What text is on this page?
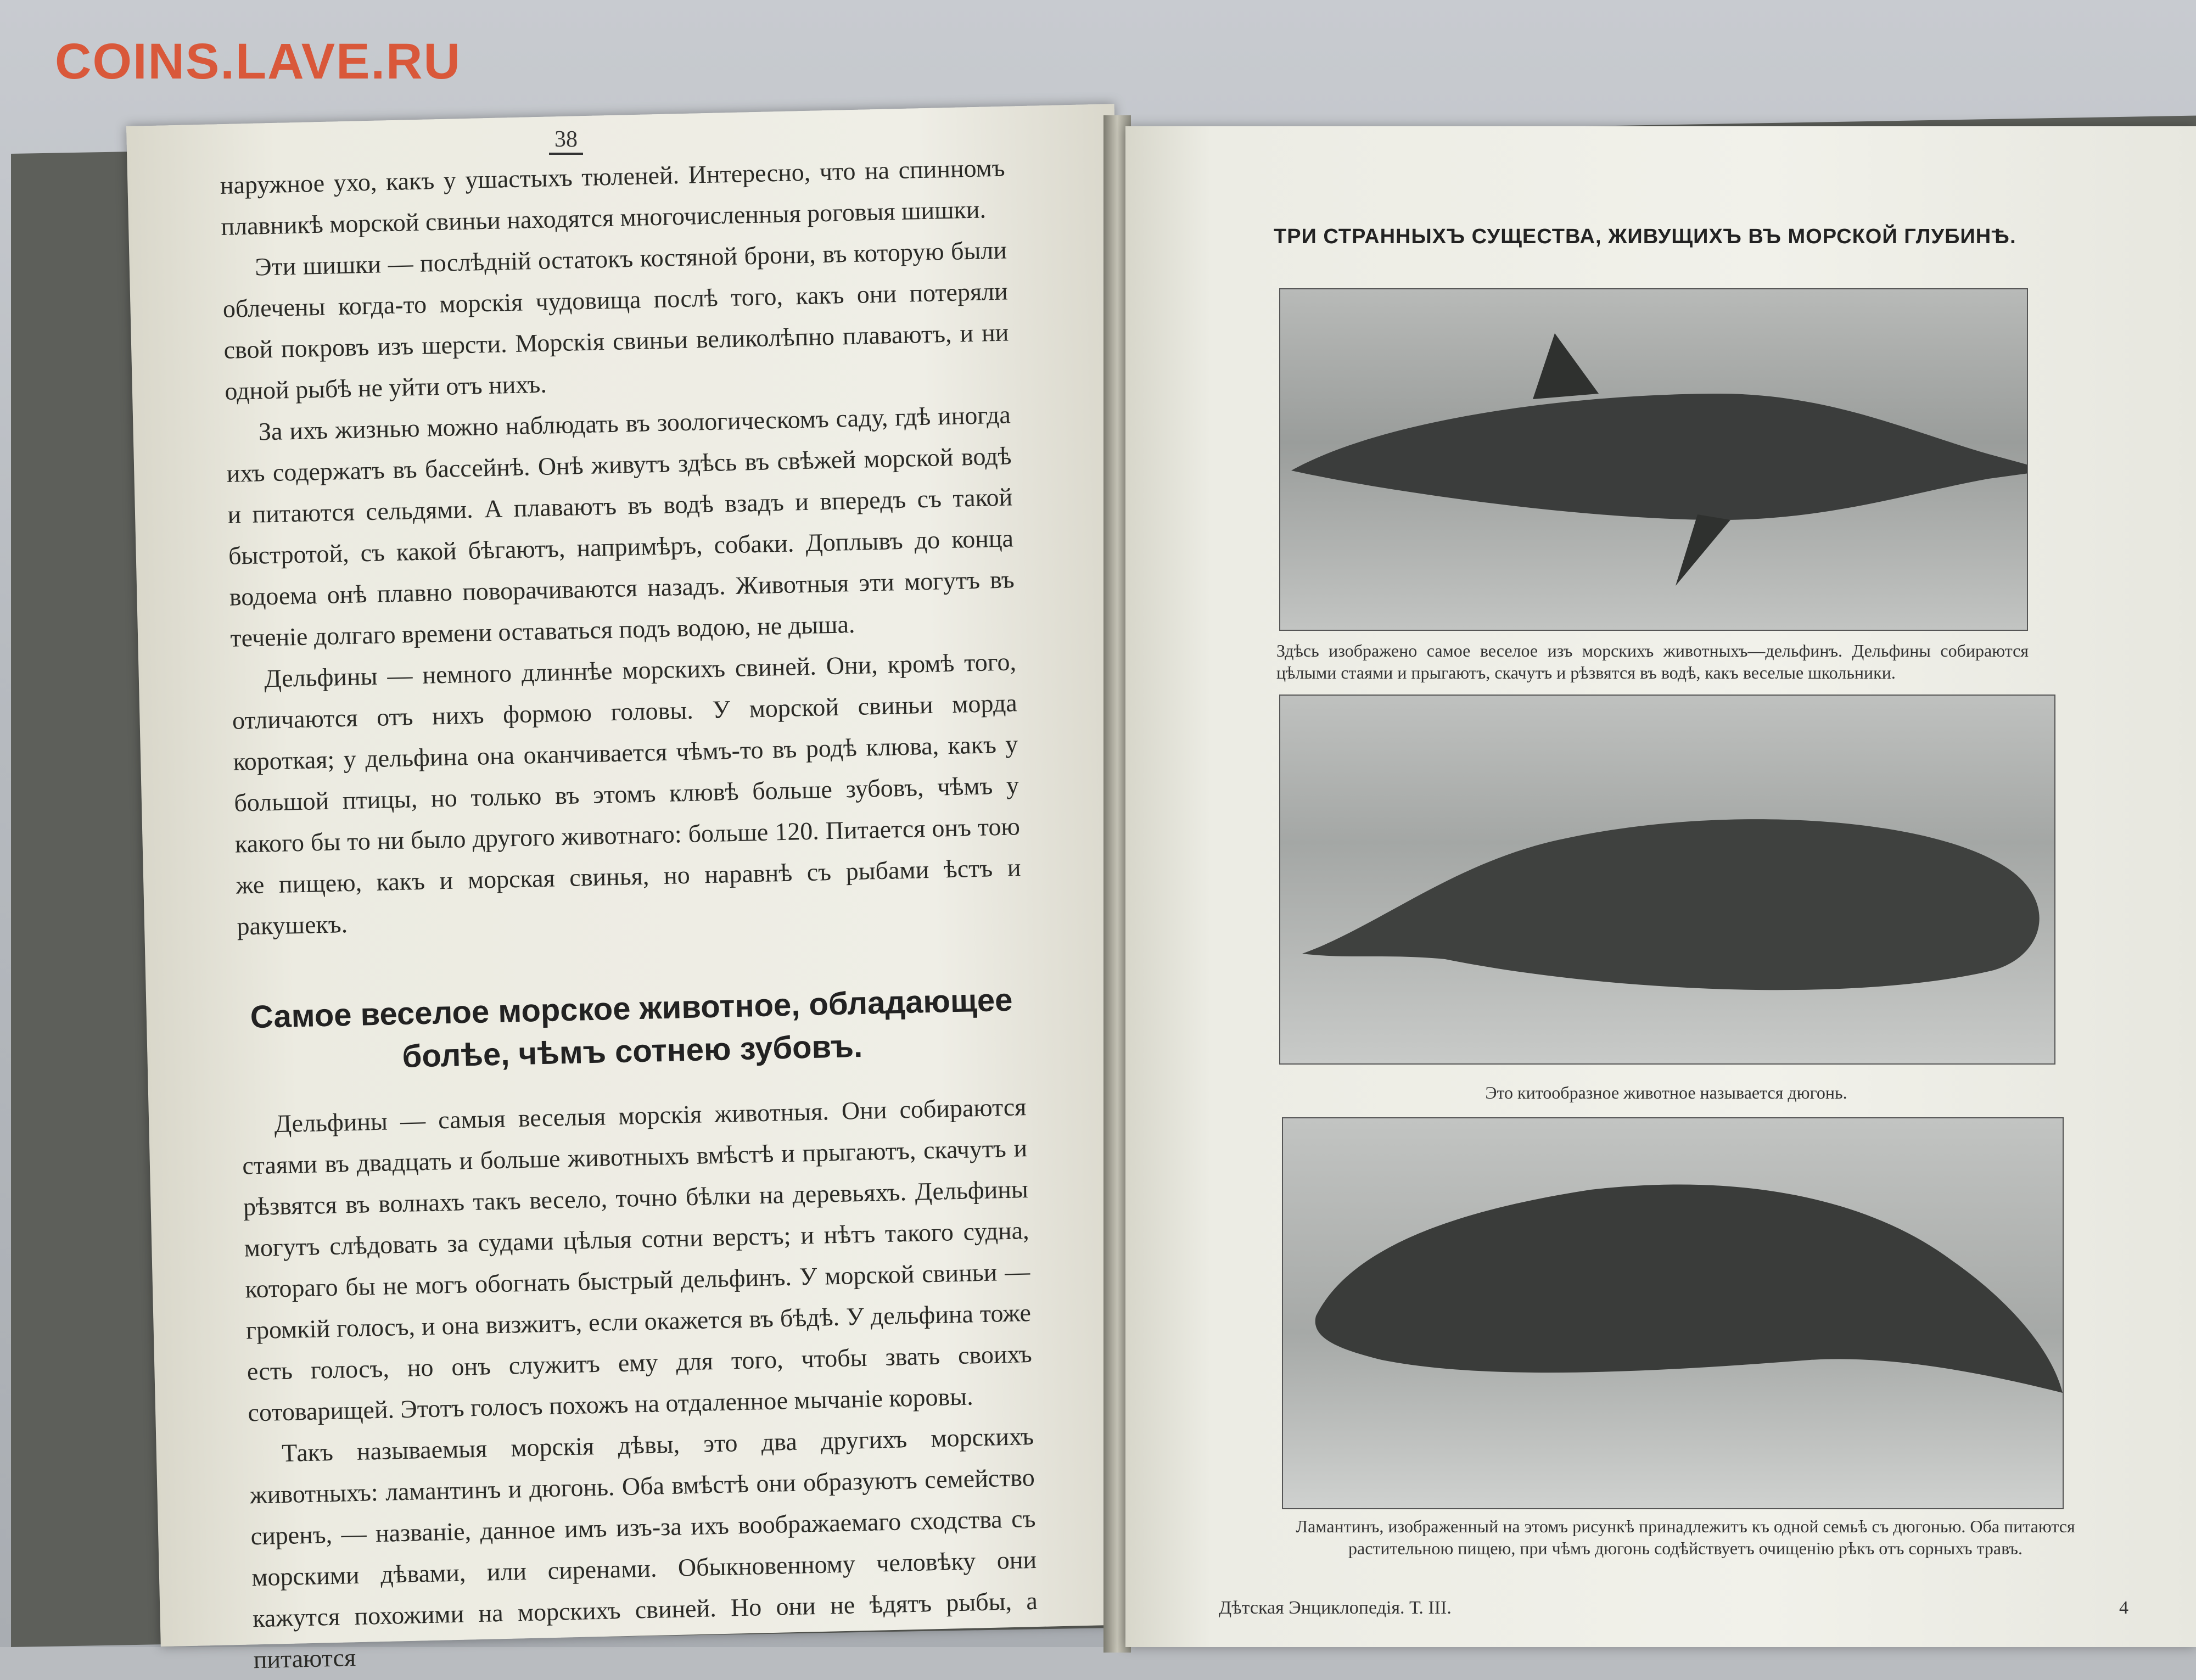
COINS.LAVE.RU
38

наружное ухо, какъ у ушастыхъ тюленей. Интересно, что на спинномъ плавникѣ морской свиньи находятся многочисленныя роговыя шишки.

Эти шишки — послѣдній остатокъ костяной брони, въ которую были облечены когда-то морскія чудовища послѣ того, какъ они потеряли свой покровъ изъ шерсти. Морскія свиньи великолѣпно плаваютъ, и ни одной рыбѣ не уйти отъ нихъ.

За ихъ жизнью можно наблюдать въ зоологическомъ саду, гдѣ иногда ихъ содержатъ въ бассейнѣ. Онѣ живутъ здѣсь въ свѣжей морской водѣ и питаются сельдями. А плаваютъ въ водѣ взадъ и впередъ съ такой быстротой, съ какой бѣгаютъ, напримѣръ, собаки. Доплывъ до конца водоема онѣ плавно поворачиваются назадъ. Животныя эти могутъ въ теченіе долгаго времени оставаться подъ водою, не дыша.

Дельфины — немного длиннѣе морскихъ свиней. Они, кромѣ того, отличаются отъ нихъ формою головы. У морской свиньи морда короткая; у дельфина она оканчивается чѣмъ-то въ родѣ клюва, какъ у большой птицы, но только въ этомъ клювѣ больше зубовъ, чѣмъ у какого бы то ни было другого животнаго: больше 120. Питается онъ тою же пищею, какъ и морская свинья, но наравнѣ съ рыбами ѣстъ и ракушекъ.

Самое веселое морское животное, обладающее болѣе, чѣмъ сотнею зубовъ.

Дельфины — самыя веселыя морскія животныя. Они собираются стаями въ двадцать и больше животныхъ вмѣстѣ и прыгаютъ, скачутъ и рѣзвятся въ волнахъ такъ весело, точно бѣлки на деревьяхъ. Дельфины могутъ слѣдовать за судами цѣлыя сотни верстъ; и нѣтъ такого судна, котораго бы не могъ обогнать быстрый дельфинъ. У морской свиньи — громкій голосъ, и она визжитъ, если окажется въ бѣдѣ. У дельфина тоже есть голосъ, но онъ служитъ ему для того, чтобы звать своихъ сотоварищей. Этотъ голосъ похожъ на отдаленное мычаніе коровы.

Такъ называемыя морскія дѣвы, это два другихъ морскихъ животныхъ: ламантинъ и дюгонь. Оба вмѣстѣ они образуютъ семейство сиренъ, — названіе, данное имъ изъ-за ихъ воображаемаго сходства съ морскими дѣвами, или сиренами. Обыкновенному человѣку они кажутся похожими на морскихъ свиней. Но они не ѣдятъ рыбы, а питаются

ТРИ СТРАННЫХЪ СУЩЕСТВА, ЖИВУЩИХЪ ВЪ МОРСКОЙ ГЛУБИНѢ.
Здѣсь изображено самое веселое изъ морскихъ животныхъ—дельфинъ. Дельфины собираются цѣлыми стаями и прыгаютъ, скачутъ и рѣзвятся въ водѣ, какъ веселые школьники.
Это китообразное животное называется дюгонь.
Ламантинъ, изображенный на этомъ рисункѣ принадлежитъ къ одной семьѣ съ дюгонью. Оба питаются растительною пищею, при чѣмъ дюгонь содѣйствуетъ очищенію рѣкъ отъ сорныхъ травъ.
Дѣтская Энциклопедія. Т. III.	4
